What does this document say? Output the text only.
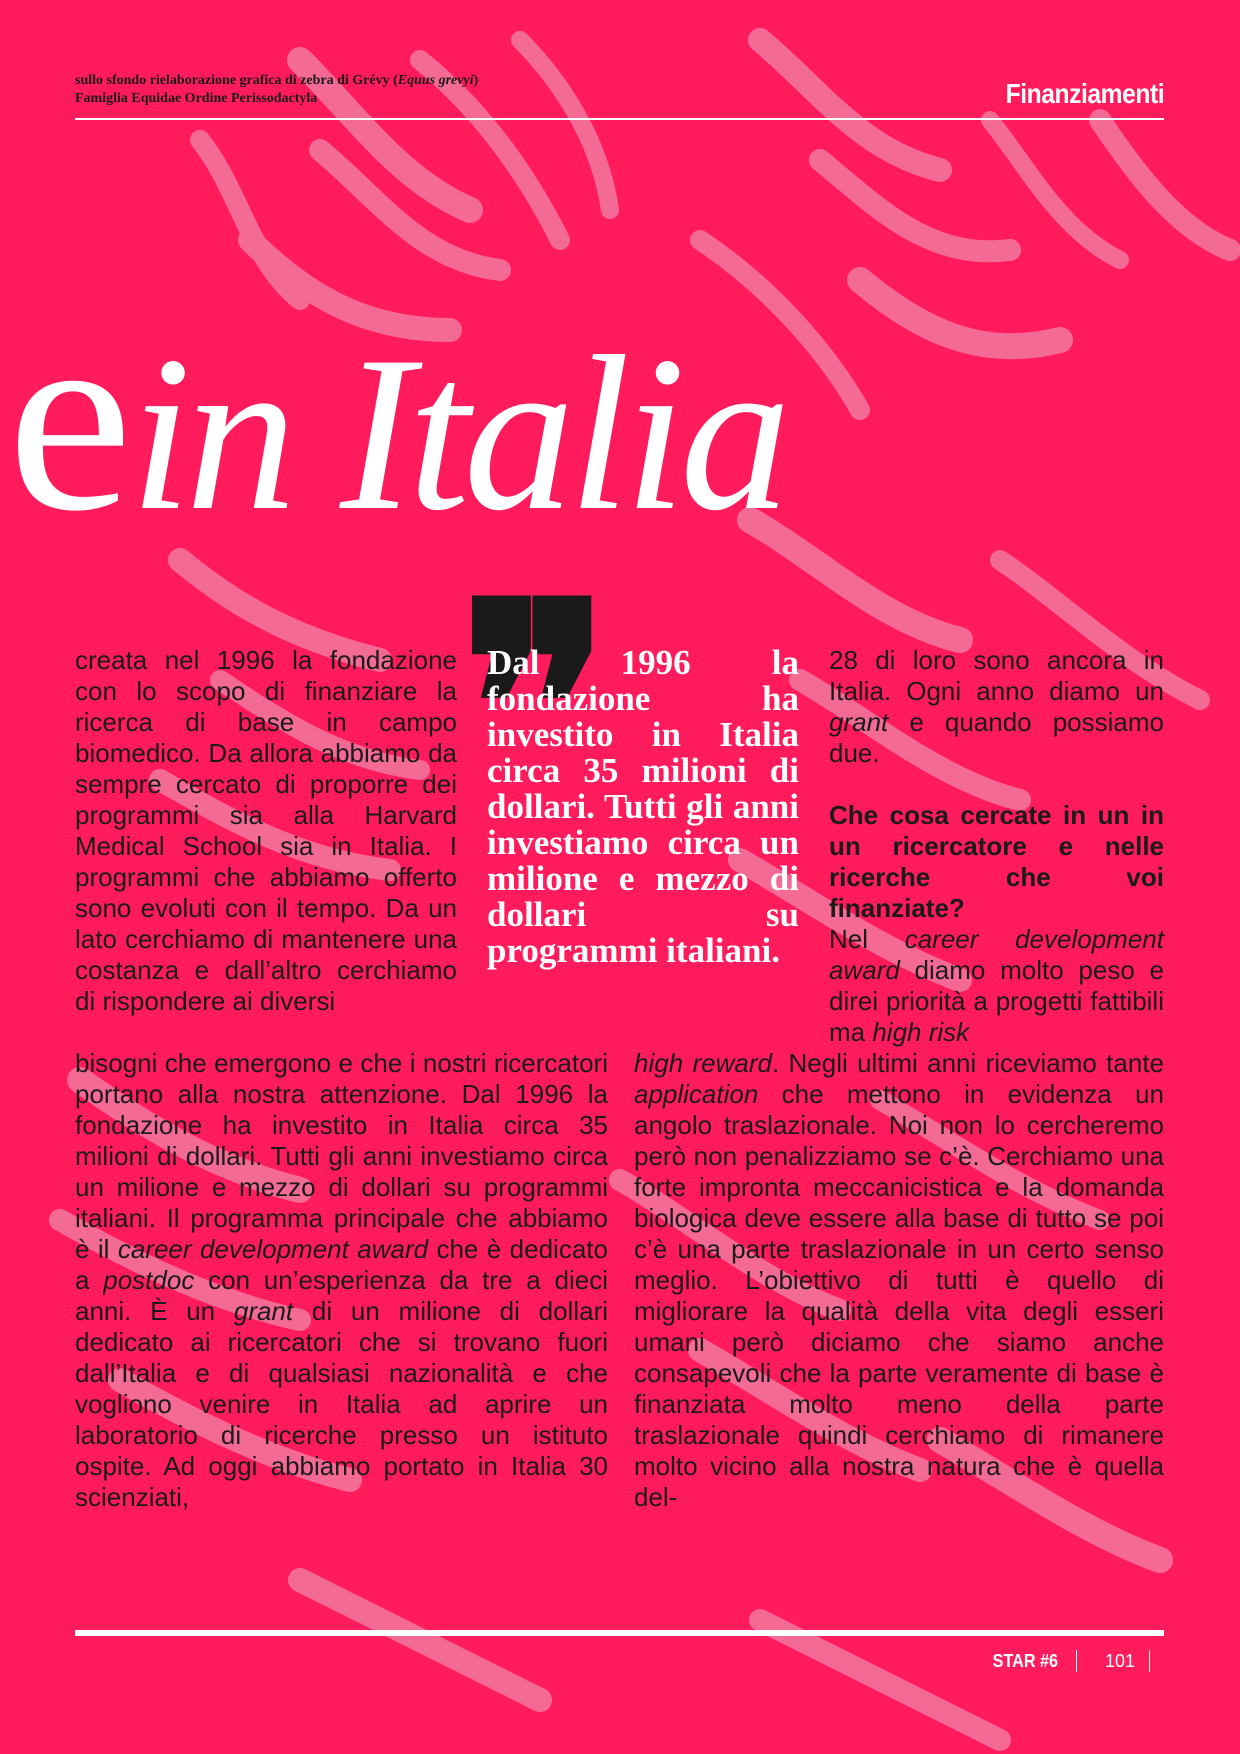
sullo sfondo rielaborazione grafica di zebra di Grévy (Equus grevyi)
Famiglia Equidae Ordine Perissodactyla	Finanziamenti
ein Italia

creata nel 1996 la fondazione con lo scopo di finanziare la ricerca di base in campo biomedico. Da allora abbiamo da sempre cercato di proporre dei programmi sia alla Harvard Medical School sia in Italia. I programmi che abbiamo offerto sono evoluti con il tempo. Da un lato cerchiamo di mantenere una costanza e dall’altro cerchiamo di rispondere ai diversi

❞
Dal 1996 la fondazione ha investito in Italia circa 35 milioni di dollari. Tutti gli anni investiamo circa un milione e mezzo di dollari su programmi italiani.

28 di loro sono ancora in Italia. Ogni anno diamo un grant e quando possiamo due.

Che cosa cercate in un in un ricercatore e nelle ricerche che voi finanziate?

Nel career development award diamo molto peso e direi priorità a progetti fattibili ma high risk

bisogni che emergono e che i nostri ricercatori portano alla nostra attenzione. Dal 1996 la fondazione ha investito in Italia circa 35 milioni di dollari. Tutti gli anni investiamo circa un milione e mezzo di dollari su programmi italiani. Il programma principale che abbiamo è il career development award che è dedicato a postdoc con un’esperienza da tre a dieci anni. È un grant di un milione di dollari dedicato ai ricercatori che si trovano fuori dall’Italia e di qualsiasi nazionalità e che vogliono venire in Italia ad aprire un laboratorio di ricerche presso un istituto ospite. Ad oggi abbiamo portato in Italia 30 scienziati,

high reward. Negli ultimi anni riceviamo tante application che mettono in evidenza un angolo traslazionale. Noi non lo cercheremo però non penalizziamo se c’è. Cerchiamo una forte impronta meccanicistica e la domanda biologica deve essere alla base di tutto se poi c’è una parte traslazionale in un certo senso meglio. L’obiettivo di tutti è quello di migliorare la qualità della vita degli esseri umani però diciamo che siamo anche consapevoli che la parte veramente di base è finanziata molto meno della parte traslazionale quindi cerchiamo di rimanere molto vicino alla nostra natura che è quella del-

STAR #6	101
